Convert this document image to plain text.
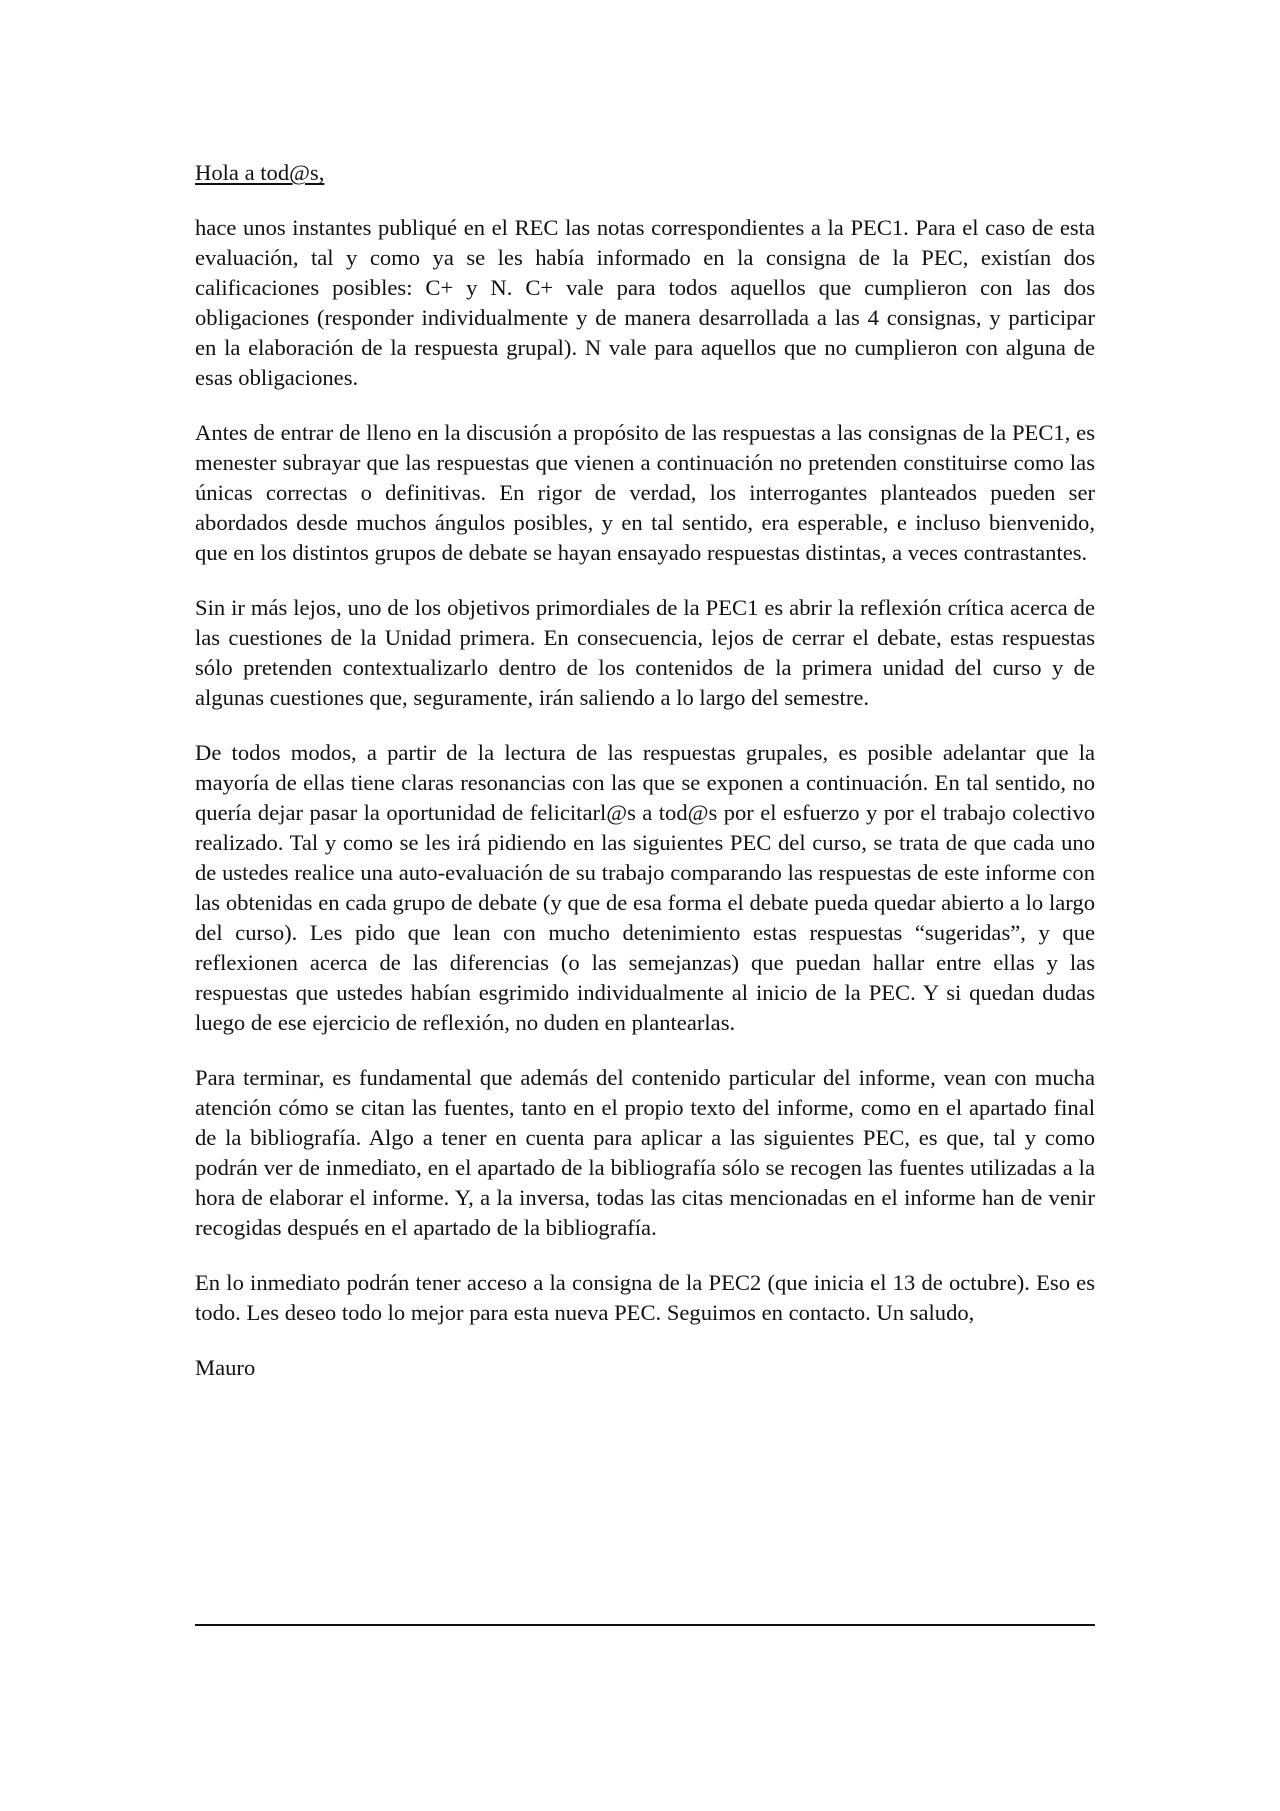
Hola a tod@s,

hace unos instantes publiqué en el REC las notas correspondientes a la PEC1. Para el caso de esta evaluación, tal y como ya se les había informado en la consigna de la PEC, existían dos calificaciones posibles: C+ y N. C+ vale para todos aquellos que cumplieron con las dos obligaciones (responder individualmente y de manera desarrollada a las 4 consignas, y participar en la elaboración de la respuesta grupal). N vale para aquellos que no cumplieron con alguna de esas obligaciones.

Antes de entrar de lleno en la discusión a propósito de las respuestas a las consignas de la PEC1, es menester subrayar que las respuestas que vienen a continuación no pretenden constituirse como las únicas correctas o definitivas. En rigor de verdad, los interrogantes planteados pueden ser abordados desde muchos ángulos posibles, y en tal sentido, era esperable, e incluso bienvenido, que en los distintos grupos de debate se hayan ensayado respuestas distintas, a veces contrastantes.

Sin ir más lejos, uno de los objetivos primordiales de la PEC1 es abrir la reflexión crítica acerca de las cuestiones de la Unidad primera. En consecuencia, lejos de cerrar el debate, estas respuestas sólo pretenden contextualizarlo dentro de los contenidos de la primera unidad del curso y de algunas cuestiones que, seguramente, irán saliendo a lo largo del semestre.

De todos modos, a partir de la lectura de las respuestas grupales, es posible adelantar que la mayoría de ellas tiene claras resonancias con las que se exponen a continuación. En tal sentido, no quería dejar pasar la oportunidad de felicitarl@s a tod@s por el esfuerzo y por el trabajo colectivo realizado. Tal y como se les irá pidiendo en las siguientes PEC del curso, se trata de que cada uno de ustedes realice una auto-evaluación de su trabajo comparando las respuestas de este informe con las obtenidas en cada grupo de debate (y que de esa forma el debate pueda quedar abierto a lo largo del curso). Les pido que lean con mucho detenimiento estas respuestas “sugeridas”, y que reflexionen acerca de las diferencias (o las semejanzas) que puedan hallar entre ellas y las respuestas que ustedes habían esgrimido individualmente al inicio de la PEC. Y si quedan dudas luego de ese ejercicio de reflexión, no duden en plantearlas.

Para terminar, es fundamental que además del contenido particular del informe, vean con mucha atención cómo se citan las fuentes, tanto en el propio texto del informe, como en el apartado final de la bibliografía. Algo a tener en cuenta para aplicar a las siguientes PEC, es que, tal y como podrán ver de inmediato, en el apartado de la bibliografía sólo se recogen las fuentes utilizadas a la hora de elaborar el informe. Y, a la inversa, todas las citas mencionadas en el informe han de venir recogidas después en el apartado de la bibliografía.

En lo inmediato podrán tener acceso a la consigna de la PEC2 (que inicia el 13 de octubre). Eso es todo. Les deseo todo lo mejor para esta nueva PEC. Seguimos en contacto. Un saludo,

Mauro
